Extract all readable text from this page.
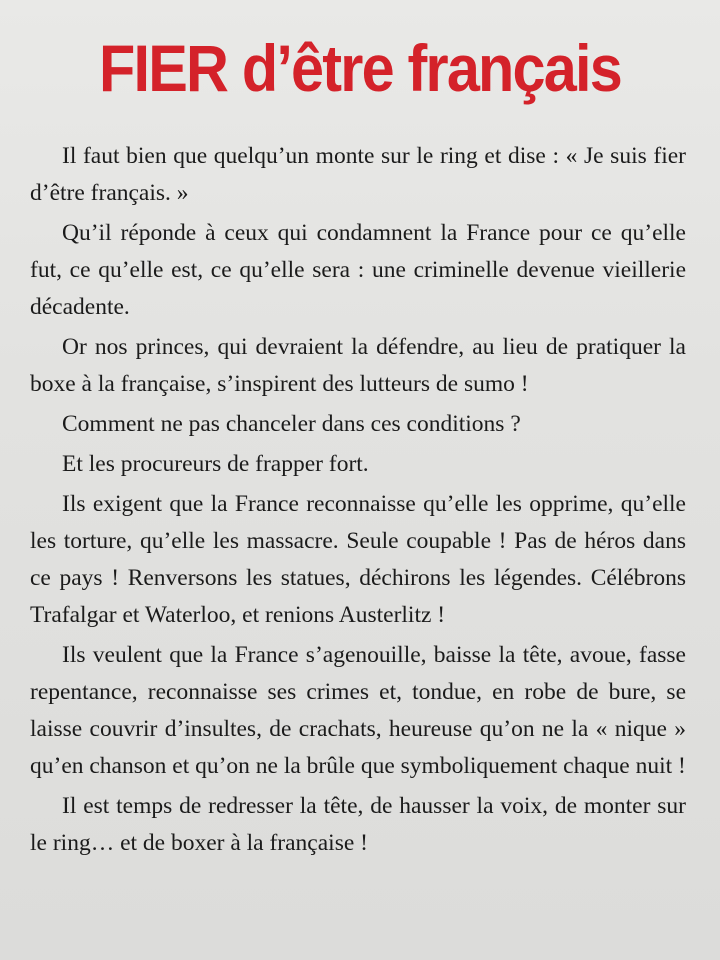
FIER d’être français

Il faut bien que quelqu’un monte sur le ring et dise : « Je suis fier d’être français. »

Qu’il réponde à ceux qui condamnent la France pour ce qu’elle fut, ce qu’elle est, ce qu’elle sera : une criminelle devenue vieillerie décadente.

Or nos princes, qui devraient la défendre, au lieu de pratiquer la boxe à la française, s’inspirent des lutteurs de sumo !

Comment ne pas chanceler dans ces conditions ?

Et les procureurs de frapper fort.

Ils exigent que la France reconnaisse qu’elle les opprime, qu’elle les torture, qu’elle les massacre. Seule coupable ! Pas de héros dans ce pays ! Renversons les statues, déchirons les légendes. Célébrons Trafalgar et Waterloo, et renions Austerlitz !

Ils veulent que la France s’agenouille, baisse la tête, avoue, fasse repentance, reconnaisse ses crimes et, tondue, en robe de bure, se laisse couvrir d’insultes, de crachats, heureuse qu’on ne la « nique » qu’en chanson et qu’on ne la brûle que symboliquement chaque nuit !

Il est temps de redresser la tête, de hausser la voix, de monter sur le ring… et de boxer à la française !
